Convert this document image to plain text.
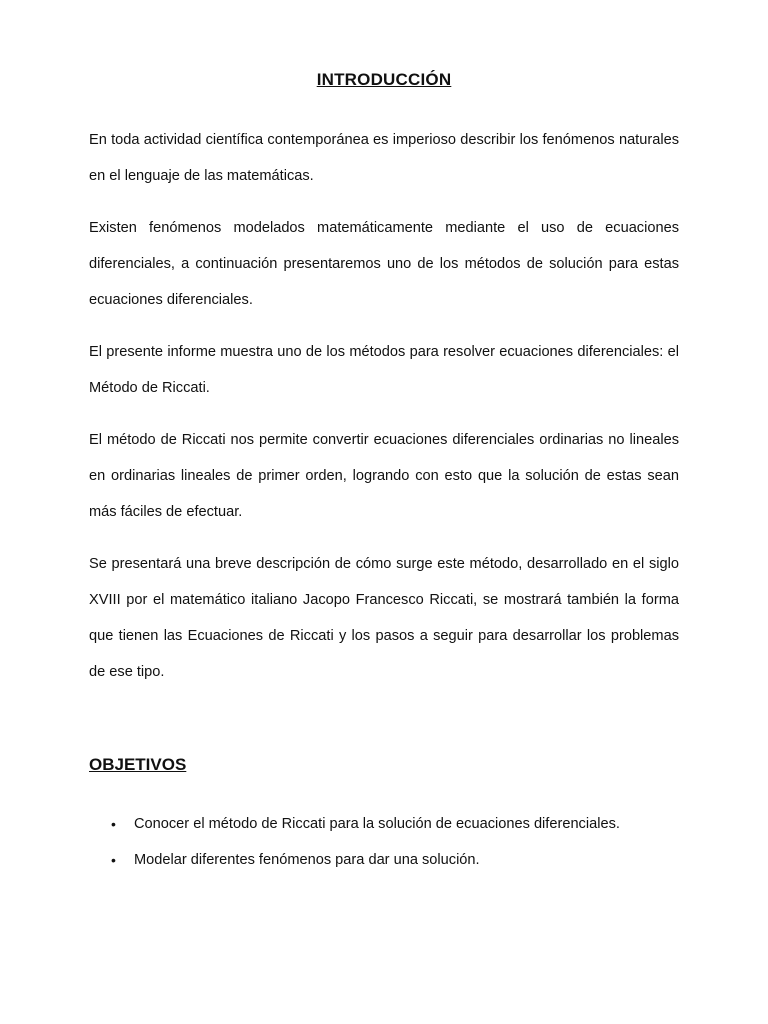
INTRODUCCIÓN

En toda actividad científica contemporánea es imperioso describir los fenómenos naturales en el lenguaje de las matemáticas.

Existen fenómenos modelados matemáticamente mediante el uso de ecuaciones diferenciales, a continuación presentaremos uno de los métodos de solución para estas ecuaciones diferenciales.

El presente informe muestra uno de los métodos para resolver ecuaciones diferenciales: el Método de Riccati.

El método de Riccati nos permite convertir ecuaciones diferenciales ordinarias no lineales en ordinarias lineales de primer orden, logrando con esto que la solución de estas sean más fáciles de efectuar.

Se presentará una breve descripción de cómo surge este método, desarrollado en el siglo XVIII por el matemático italiano Jacopo Francesco Riccati, se mostrará también la forma que tienen las Ecuaciones de Riccati y los pasos a seguir para desarrollar los problemas de ese tipo.

OBJETIVOS
• Conocer el método de Riccati para la solución de ecuaciones diferenciales.
• Modelar diferentes fenómenos para dar una solución.
